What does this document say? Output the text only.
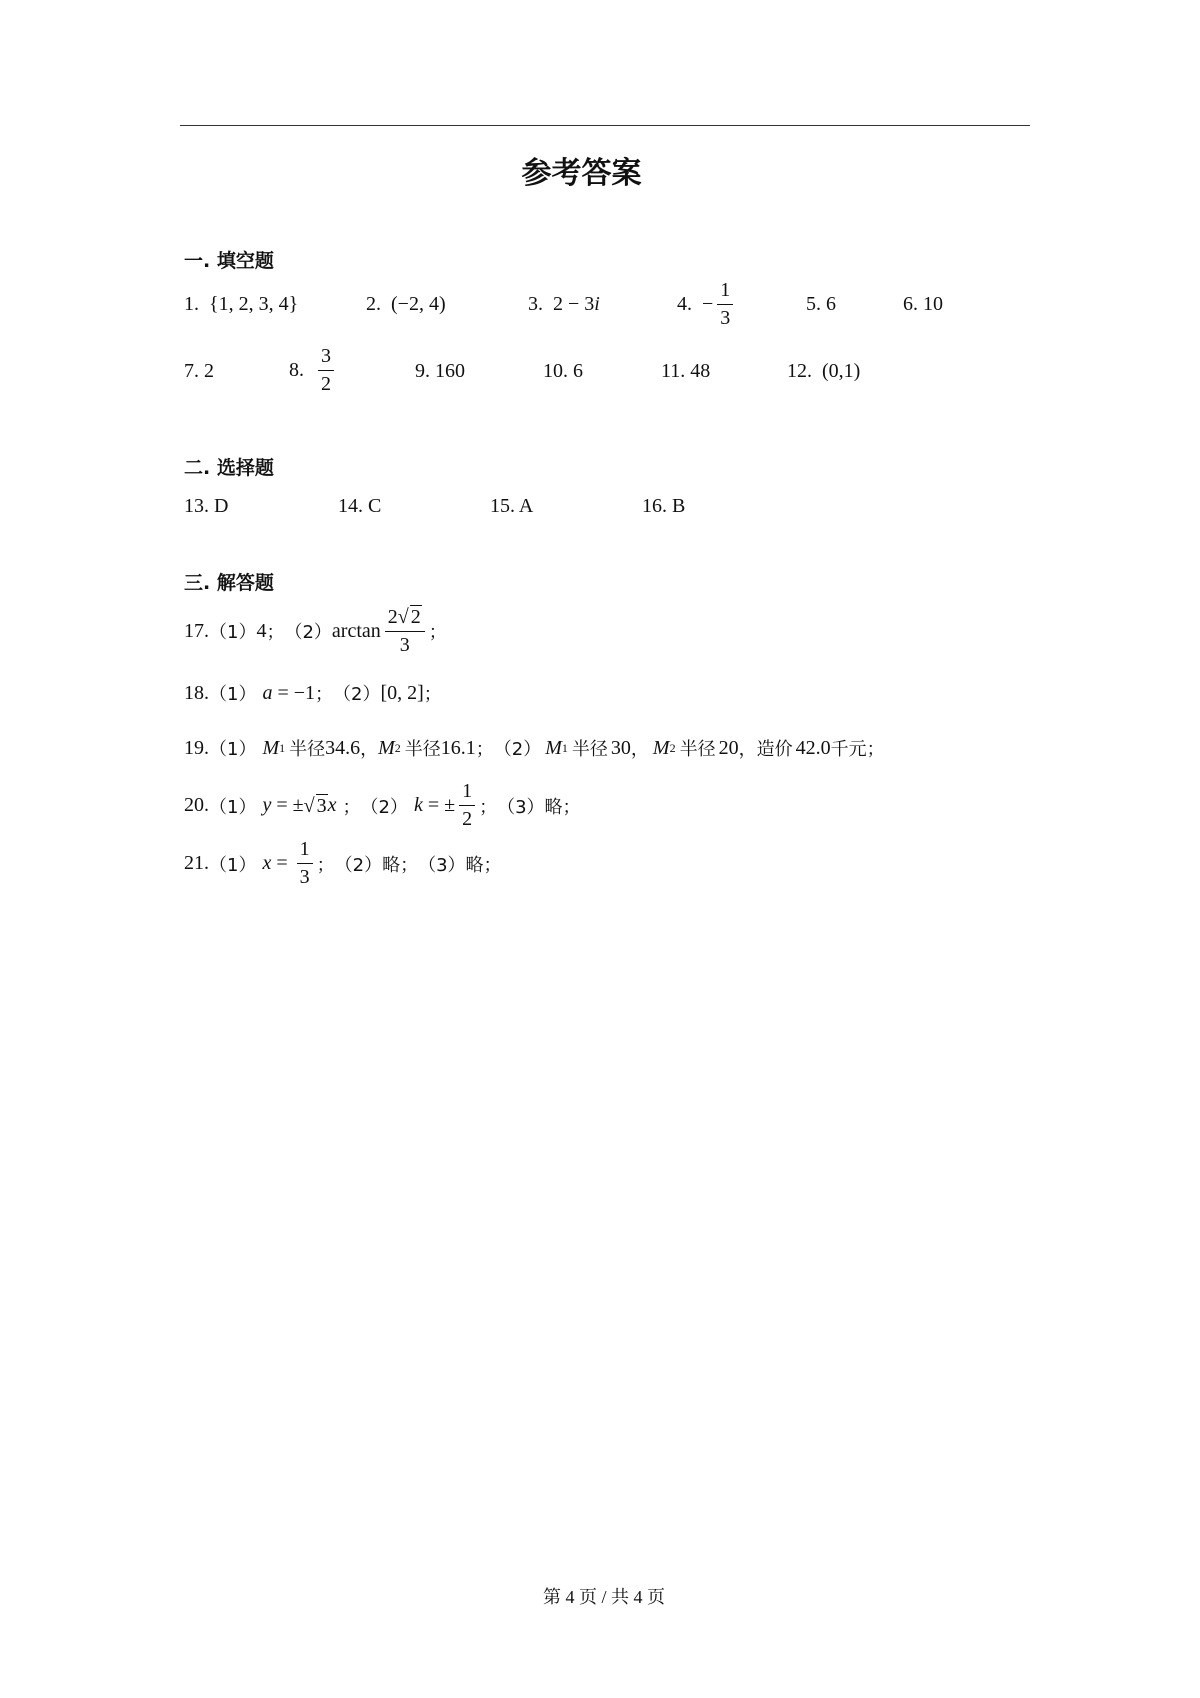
参考答案
一. 填空题
1. {1, 2, 3, 4}	2. (−2, 4)	3. 2 − 3i	4. − $\frac{1}{3}$	5. 6	6. 10
7. 2	8. $\frac{3}{2}$	9. 160	10. 6	11. 48	12. (0,1)
二. 选择题
13. D	14. C	15. A	16. B
三. 解答题
17. （1） 4 ； （2） $\arctan \frac{2√ 2}{3}$ ；
18. （1） a = −1 ； （2） [0, 2] ；
19. （1） M 1 半径 34.6 ， M 2 半径 16.1 ； （2） M 1 半径 30 ， M 2 半径 20 ，造价 42.0 千元；
20. （1） y = ± √ 3 x ； （2） k = ± $\frac{1}{2}$ ； （3） 略；
21. （1） $x = \frac{1}{3}$ ； （2） 略； （3） 略；
第 4 页 / 共 4 页
